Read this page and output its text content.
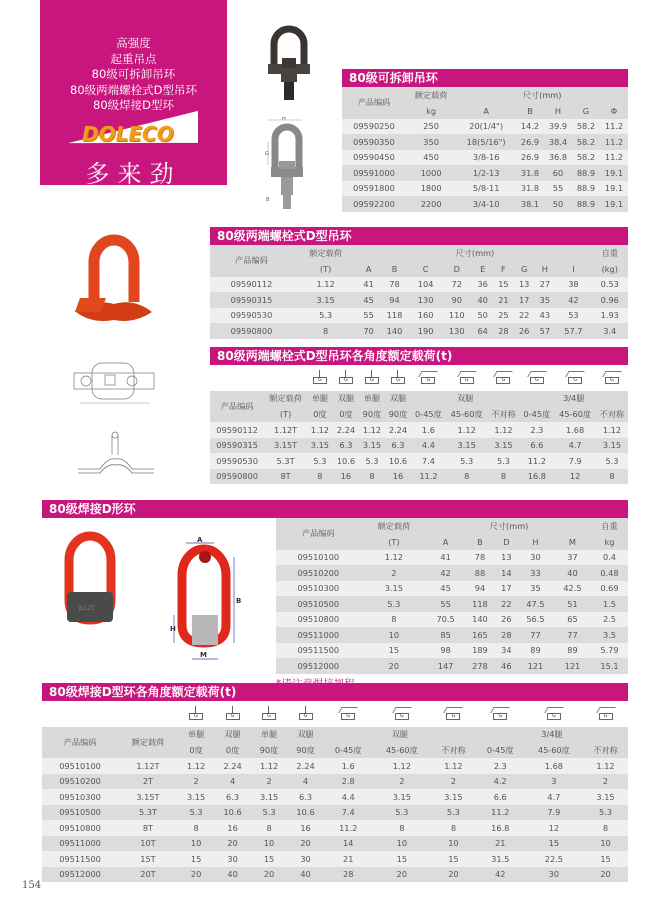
高强度
起重吊点
80级可拆卸吊环
80级两端螺栓式D型吊环
80级焊接D型环
DOLECO
多来劲
H
G
B
80级可拆卸吊环
产品编码	额定载荷	尺寸(mm)				
	kg	A	B	H	G	Φ
09590250	250	20(1/4")	14.2	39.9	58.2	11.2
09590350	350	18(5/16")	26.9	38.4	58.2	11.2
09590450	450	3/8-16	26.9	36.8	58.2	11.2
09591000	1000	1/2-13	31.8	60	88.9	19.1
09591800	1800	5/8-11	31.8	55	88.9	19.1
09592200	2200	3/4-10	38.1	50	88.9	19.1
80级两端螺栓式D型吊环
产品编码	额定载荷	尺寸(mm)									自重
	(T)	A	B	C	D	E	F	G	H	I	(kg)
09590112	1.12	41	78	104	72	36	15	13	27	38	0.53
09590315	3.15	45	94	130	90	40	21	17	35	42	0.96
09590530	5.3	55	118	160	110	50	25	22	43	53	1.93
09590800	8	70	140	190	130	64	28	26	57	57.7	3.4
80级两端螺栓式D型吊环各角度额定载荷(t)

		G	G	G	G	G	G	G	G	G	G

产品编码	额定载荷	单腿	双腿	单腿	双腿	双腿			3/4腿		
	(T)	0度	0度	90度	90度	0-45度	45-60度	不对称	0-45度	45-60度	不对称
09590112	1.12T	1.12	2.24	1.12	2.24	1.6	1.12	1.12	2.3	1.68	1.12
09590315	3.15T	3.15	6.3	3.15	6.3	4.4	3.15	3.15	6.6	4.7	3.15
09590530	5.3T	5.3	10.6	5.3	10.6	7.4	5.3	5.3	11.2	7.9	5.3
09590800	8T	8	16	8	16	11.2	8	8	16.8	12	8
80级焊接D形环
JLL2T
A
B
H
M
产品编码	额定载荷	尺寸(mm)					自重
	(T)	A	B	D	H	M	kg
09510100	1.12	41	78	13	30	37	0.4
09510200	2	42	88	14	33	40	0.48
09510300	3.15	45	94	17	35	42.5	0.69
09510500	5.3	55	118	22	47.5	51	1.5
09510800	8	70.5	140	26	56.5	65	2.5
09511000	10	85	165	28	77	77	3.5
09511500	15	98	189	34	89	89	5.79
09512000	20	147	278	46	121	121	15.1
80级焊接D型环各角度额定载荷(t)

		G	G	G	G	G	G	G	G	G	G

产品编码	额定载荷	单腿	双腿	单腿	双腿	双腿			3/4腿		
		0度	0度	90度	90度	0-45度	45-60度	不对称	0-45度	45-60度	不对称
09510100	1.12T	1.12	2.24	1.12	2.24	1.6	1.12	1.12	2.3	1.68	1.12
09510200	2T	2	4	2	4	2.8	2	2	4.2	3	2
09510300	3.15T	3.15	6.3	3.15	6.3	4.4	3.15	3.15	6.6	4.7	3.15
09510500	5.3T	5.3	10.6	5.3	10.6	7.4	5.3	5.3	11.2	7.9	5.3
09510800	8T	8	16	8	16	11.2	8	8	16.8	12	8
09511000	10T	10	20	10	20	14	10	10	21	15	10
09511500	15T	15	30	15	30	21	15	15	31.5	22.5	15
09512000	20T	20	40	20	40	28	20	20	42	30	20
154
